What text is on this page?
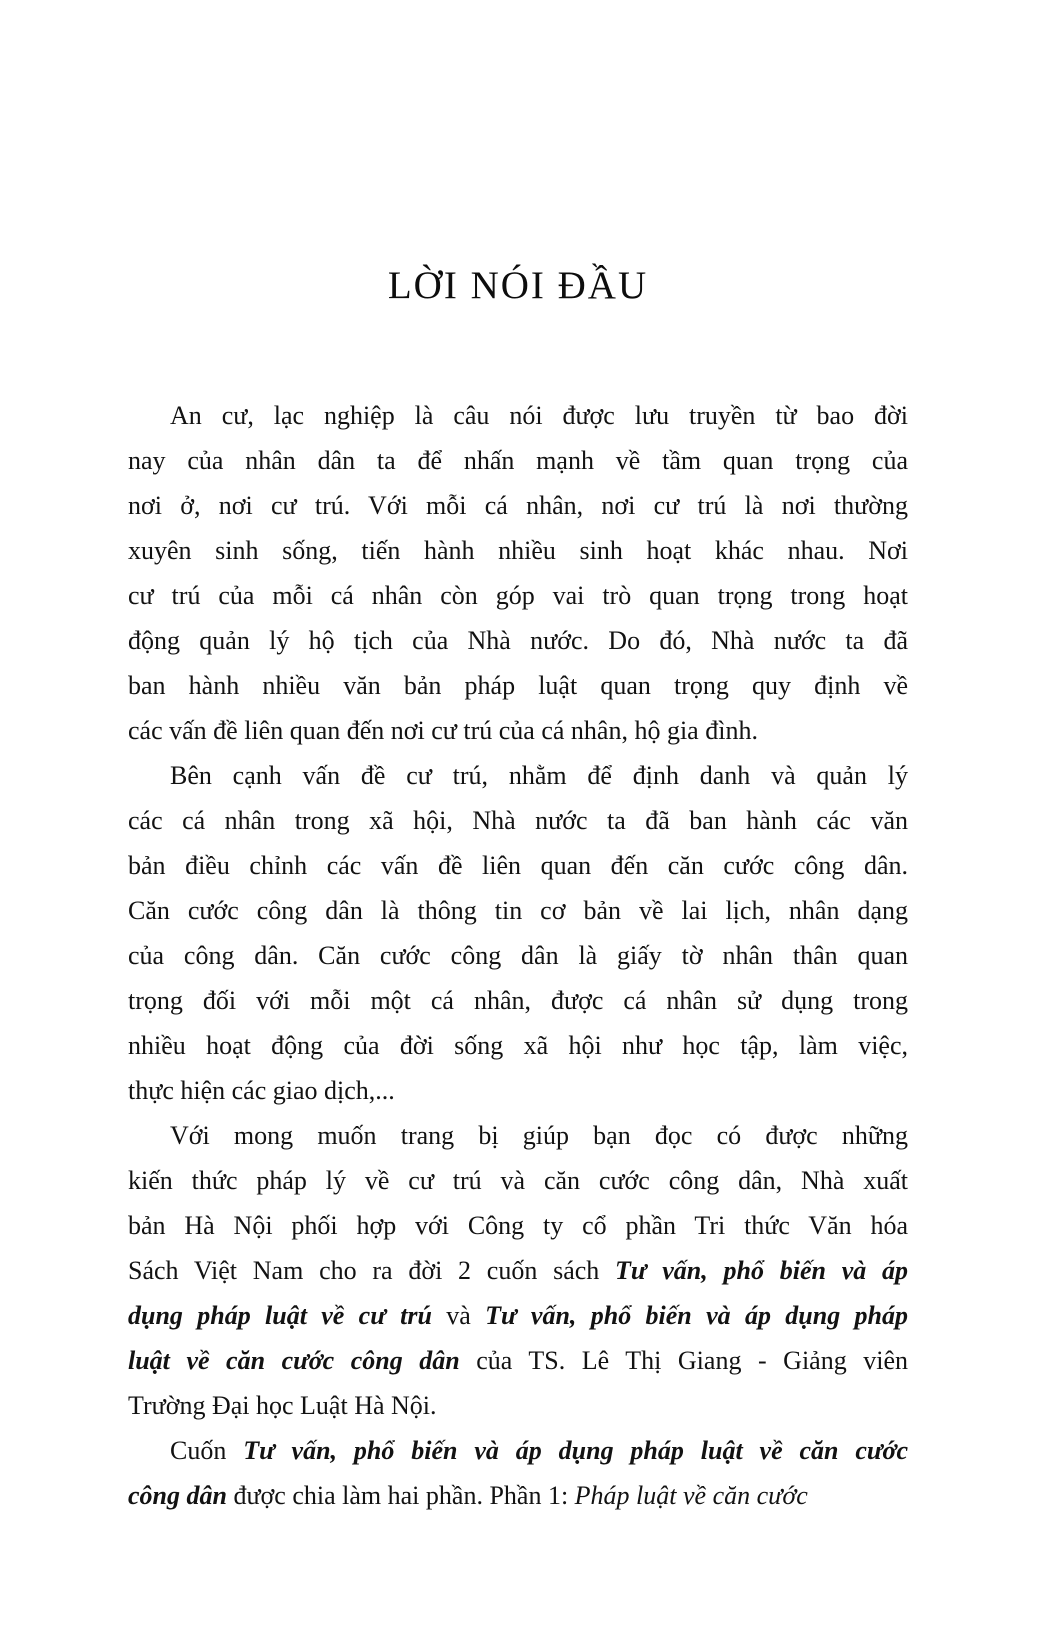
LỜI NÓI ĐẦU
An cư, lạc nghiệp là câu nói được lưu truyền từ bao đời
nay của nhân dân ta để nhấn mạnh về tầm quan trọng của
nơi ở, nơi cư trú. Với mỗi cá nhân, nơi cư trú là nơi thường
xuyên sinh sống, tiến hành nhiều sinh hoạt khác nhau. Nơi
cư trú của mỗi cá nhân còn góp vai trò quan trọng trong hoạt
động quản lý hộ tịch của Nhà nước. Do đó, Nhà nước ta đã
ban hành nhiều văn bản pháp luật quan trọng quy định về
các vấn đề liên quan đến nơi cư trú của cá nhân, hộ gia đình.
Bên cạnh vấn đề cư trú, nhằm để định danh và quản lý
các cá nhân trong xã hội, Nhà nước ta đã ban hành các văn
bản điều chỉnh các vấn đề liên quan đến căn cước công dân.
Căn cước công dân là thông tin cơ bản về lai lịch, nhân dạng
của công dân. Căn cước công dân là giấy tờ nhân thân quan
trọng đối với mỗi một cá nhân, được cá nhân sử dụng trong
nhiều hoạt động của đời sống xã hội như học tập, làm việc,
thực hiện các giao dịch,...
Với mong muốn trang bị giúp bạn đọc có được những
kiến thức pháp lý về cư trú và căn cước công dân, Nhà xuất
bản Hà Nội phối hợp với Công ty cổ phần Tri thức Văn hóa
Sách Việt Nam cho ra đời 2 cuốn sách Tư vấn, phổ biến và áp
dụng pháp luật về cư trú và Tư vấn, phổ biến và áp dụng pháp
luật về căn cước công dân của TS. Lê Thị Giang - Giảng viên
Trường Đại học Luật Hà Nội.
Cuốn Tư vấn, phổ biến và áp dụng pháp luật về căn cước
công dân được chia làm hai phần. Phần 1: Pháp luật về căn cước
